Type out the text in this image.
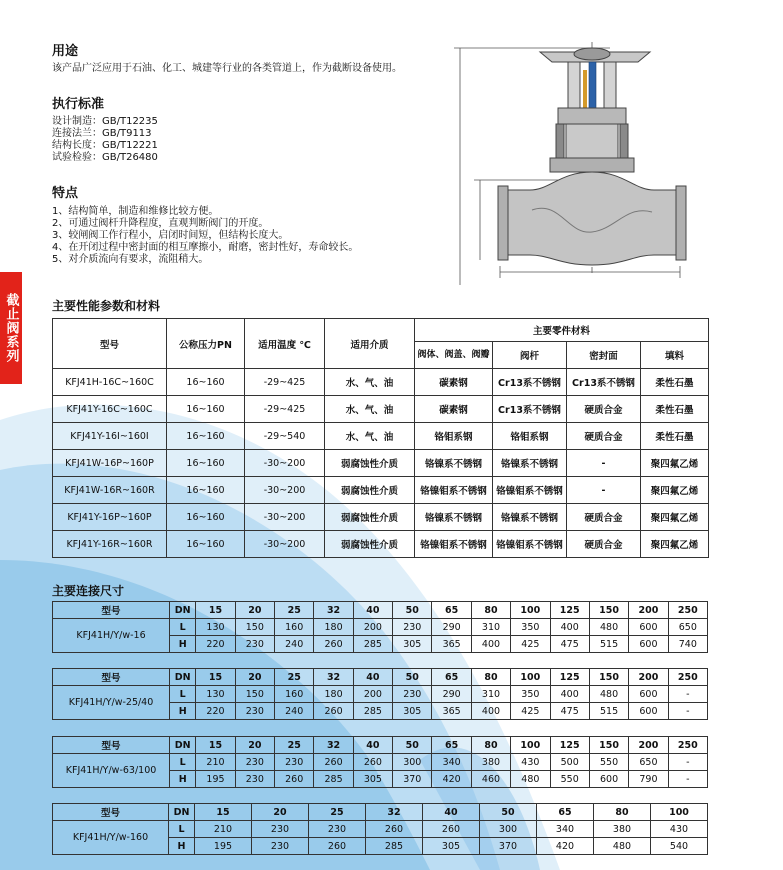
截止阀系列
用途
该产品广泛应用于石油、化工、城建等行业的各类管道上，作为截断设备使用。
执行标准
设计制造：GB/T12235
连接法兰：GB/T9113
结构长度：GB/T12221
试验检验：GB/T26480
特点
1、结构简单，制造和维修比较方便。
2、可通过阀杆升降程度，直观判断阀门的开度。
3、较闸阀工作行程小，启闭时间短，但结构长度大。
4、在开闭过程中密封面的相互摩擦小，耐磨，密封性好，寿命较长。
5、对介质流向有要求，流阻稍大。
主要性能参数和材料
型号	公称压力PN	适用温度 ℃	适用介质	主要零件材料			
				阀体、阀盖、阀瓣	阀杆	密封面	填料
KFJ41H-16C~160C	16~160	-29~425	水、气、油	碳素钢	Cr13系不锈钢	Cr13系不锈钢	柔性石墨
KFJ41Y-16C~160C	16~160	-29~425	水、气、油	碳素钢	Cr13系不锈钢	硬质合金	柔性石墨
KFJ41Y-16I~160I	16~160	-29~540	水、气、油	铬钼系钢	铬钼系钢	硬质合金	柔性石墨
KFJ41W-16P~160P	16~160	-30~200	弱腐蚀性介质	铬镍系不锈钢	铬镍系不锈钢	-	聚四氟乙烯
KFJ41W-16R~160R	16~160	-30~200	弱腐蚀性介质	铬镍钼系不锈钢	铬镍钼系不锈钢	-	聚四氟乙烯
KFJ41Y-16P~160P	16~160	-30~200	弱腐蚀性介质	铬镍系不锈钢	铬镍系不锈钢	硬质合金	聚四氟乙烯
KFJ41Y-16R~160R	16~160	-30~200	弱腐蚀性介质	铬镍钼系不锈钢	铬镍钼系不锈钢	硬质合金	聚四氟乙烯
主要连接尺寸
型号	DN	15	20	25	32	40	50	65	80	100	125	150	200	250
KFJ41H/Y/w-16	L	130	150	160	180	200	230	290	310	350	400	480	600	650
	H	220	230	240	260	285	305	365	400	425	475	515	600	740
型号	DN	15	20	25	32	40	50	65	80	100	125	150	200	250
KFJ41H/Y/w-25/40	L	130	150	160	180	200	230	290	310	350	400	480	600	-
	H	220	230	240	260	285	305	365	400	425	475	515	600	-
型号	DN	15	20	25	32	40	50	65	80	100	125	150	200	250
KFJ41H/Y/w-63/100	L	210	230	230	260	260	300	340	380	430	500	550	650	-
	H	195	230	260	285	305	370	420	460	480	550	600	790	-
型号	DN	15	20	25	32	40	50	65	80	100
KFJ41H/Y/w-160	L	210	230	230	260	260	300	340	380	430
	H	195	230	260	285	305	370	420	480	540
